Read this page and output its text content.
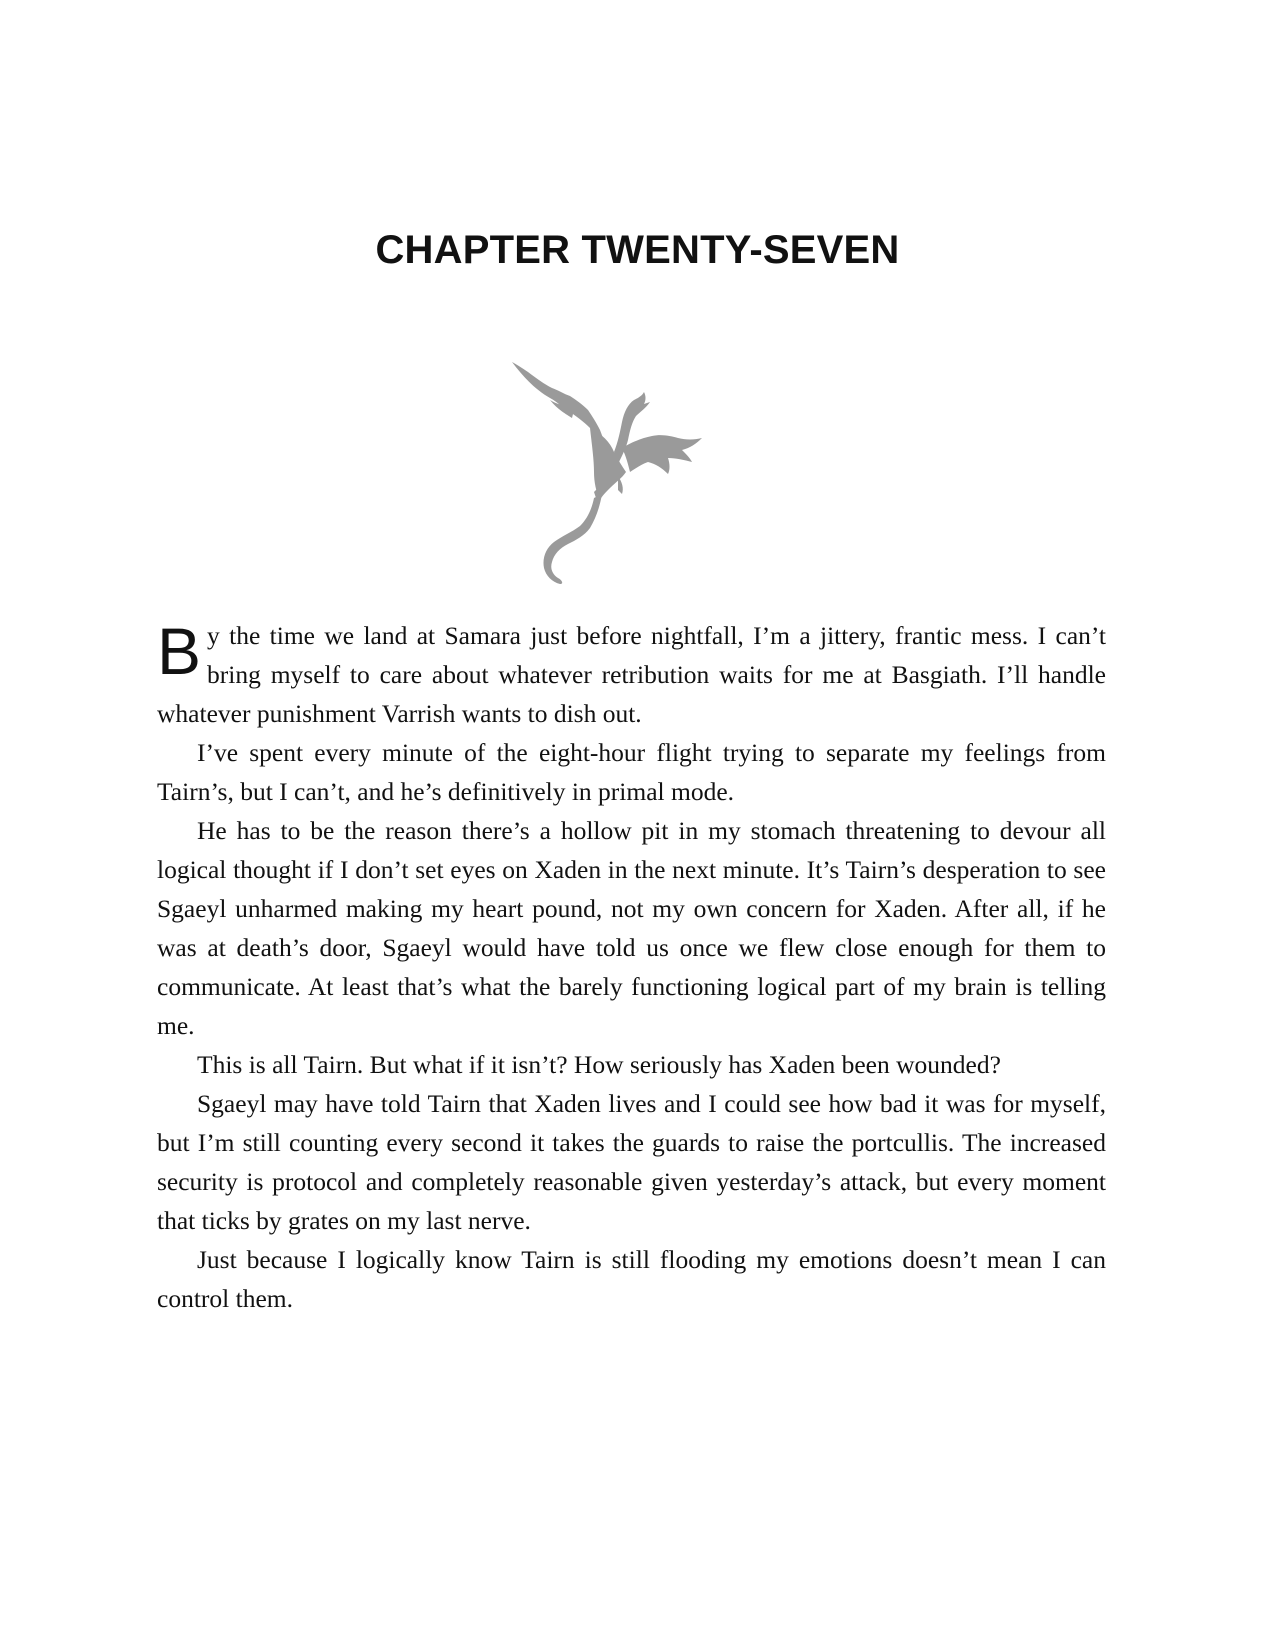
CHAPTER TWENTY-SEVEN

By the time we land at Samara just before nightfall, I’m a jittery, frantic mess. I can’t bring myself to care about whatever retribution waits for me at Basgiath. I’ll handle whatever punishment Varrish wants to dish out.

I’ve spent every minute of the eight-hour flight trying to separate my feelings from Tairn’s, but I can’t, and he’s definitively in primal mode.

He has to be the reason there’s a hollow pit in my stomach threatening to devour all logical thought if I don’t set eyes on Xaden in the next minute. It’s Tairn’s desperation to see Sgaeyl unharmed making my heart pound, not my own concern for Xaden. After all, if he was at death’s door, Sgaeyl would have told us once we flew close enough for them to communicate. At least that’s what the barely functioning logical part of my brain is telling me.

This is all Tairn. But what if it isn’t? How seriously has Xaden been wounded?

Sgaeyl may have told Tairn that Xaden lives and I could see how bad it was for myself, but I’m still counting every second it takes the guards to raise the portcullis. The increased security is protocol and completely reasonable given yesterday’s attack, but every moment that ticks by grates on my last nerve.

Just because I logically know Tairn is still flooding my emotions doesn’t mean I can control them.
